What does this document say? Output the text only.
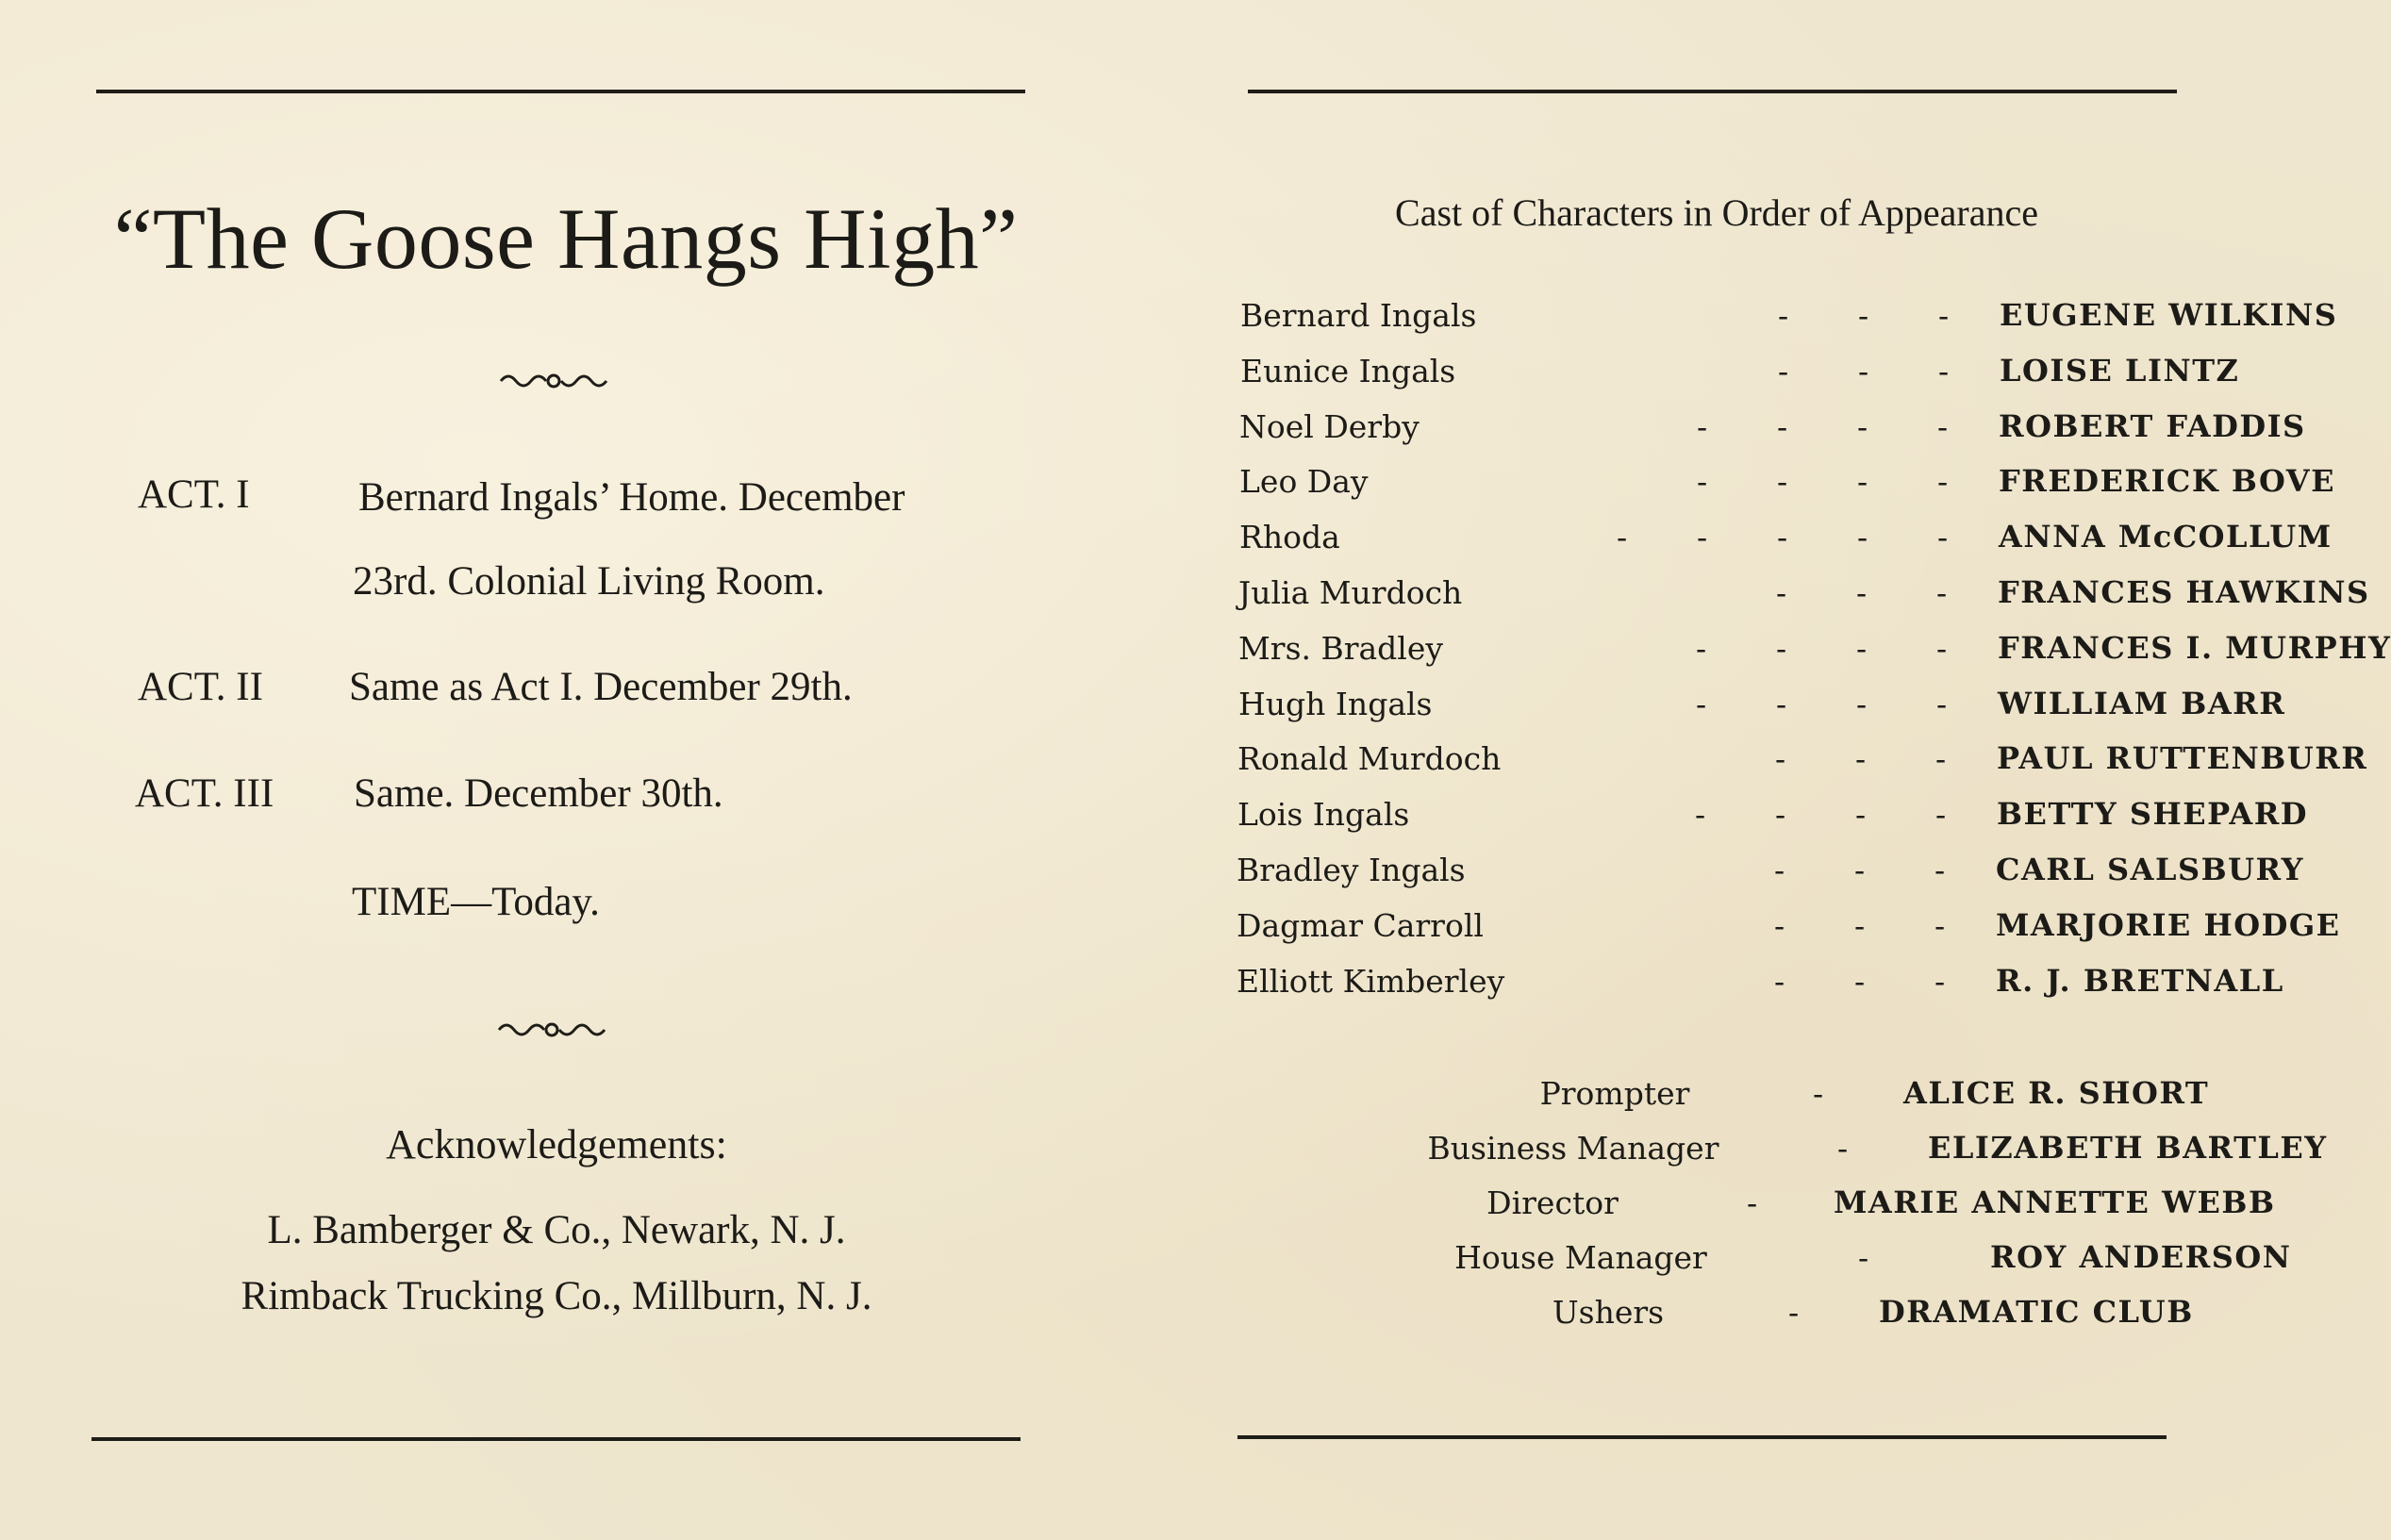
“The Goose Hangs High”
ACT. I	Bernard Ingals’ Home. December
23rd. Colonial Living Room.
ACT. II Same as Act I. December 29th.
ACT. III Same. December 30th.
TIME—Today.
Acknowledgements:
L. Bamberger & Co., Newark, N. J.
Rimback Trucking Co., Millburn, N. J.
Cast of Characters in Order of Appearance
Bernard Ingals	- - - EUGENE WILKINS
Eunice Ingals	- - - LOISE LINTZ
Noel Derby	- - - - ROBERT FADDIS
Leo Day	- - - - FREDERICK BOVE
Rhoda	- - - - - ANNA McCOLLUM
Julia Murdoch	- - - FRANCES HAWKINS
Mrs. Bradley	- - - - FRANCES I. MURPHY
Hugh Ingals	- - - - WILLIAM BARR
Ronald Murdoch	- - - PAUL RUTTENBURR
Lois Ingals	- - - - BETTY SHEPARD
Bradley Ingals	- - - CARL SALSBURY
Dagmar Carroll	- - - MARJORIE HODGE
Elliott Kimberley	- - - R. J. BRETNALL
Prompter	-	ALICE R. SHORT
Business Manager	-	ELIZABETH BARTLEY
Director	-	MARIE ANNETTE WEBB
House Manager	-	ROY ANDERSON
Ushers	-	DRAMATIC CLUB
